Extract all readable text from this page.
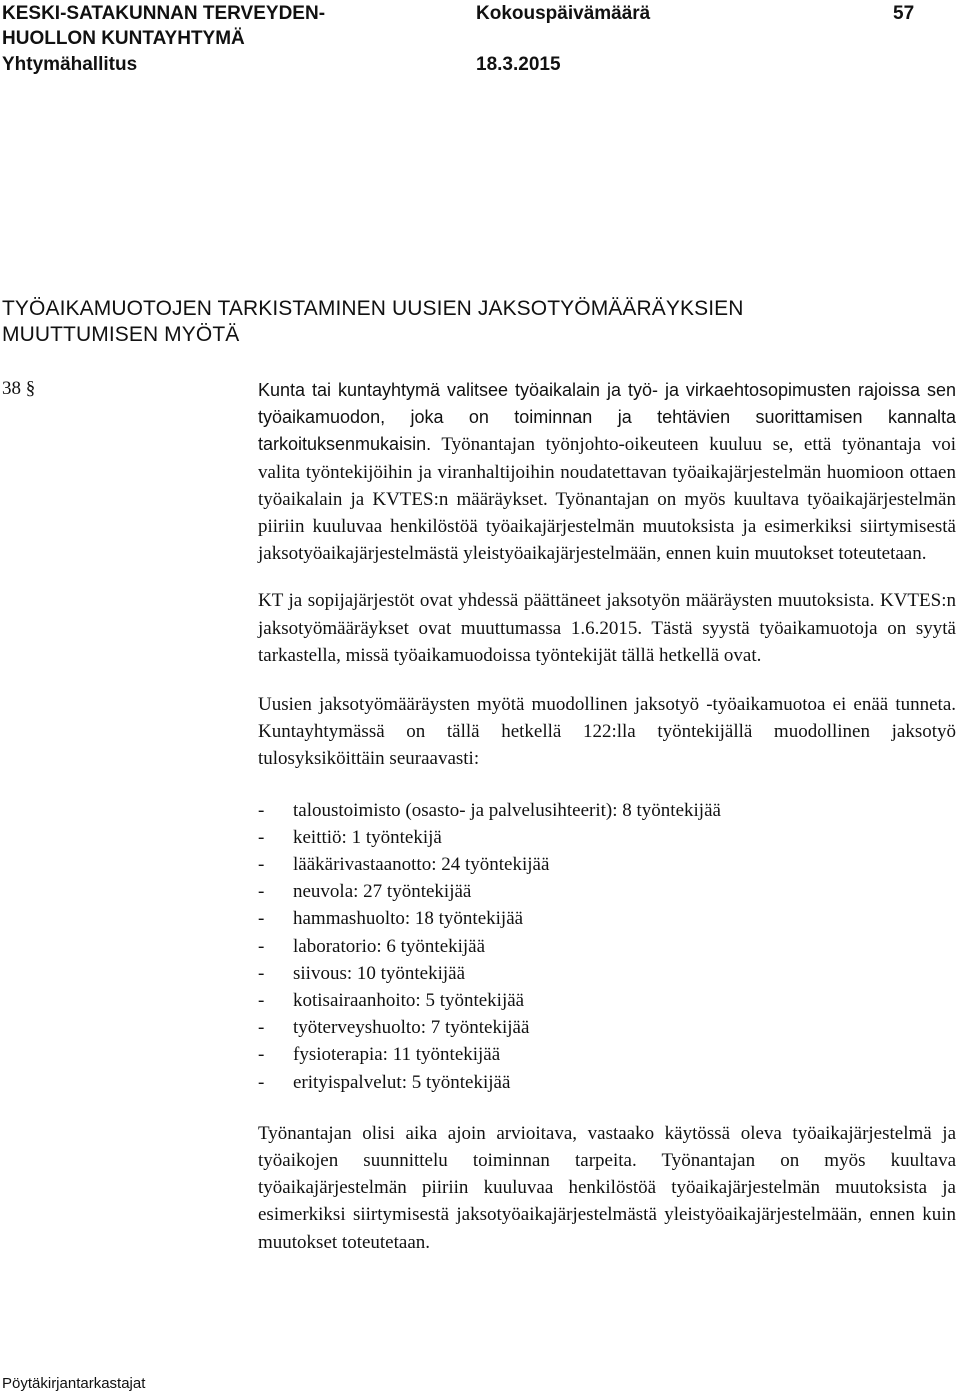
KESKI-SATAKUNNAN TERVEYDEN-
HUOLLON KUNTAYHTYMÄ
Yhtymähallitus
Kokouspäivämäärä
18.3.2015
57
TYÖAIKAMUOTOJEN TARKISTAMINEN UUSIEN JAKSOTYÖMÄÄRÄYKSIEN
MUUTTUMISEN MYÖTÄ
38 §	Kunta tai kuntayhtymä valitsee työaikalain ja työ- ja virkaehtosopimusten rajoissa sen työaikamuodon, joka on toiminnan ja tehtävien suorittamisen kannalta tarkoituksenmukaisin. Työnantajan työnjohto-oikeuteen kuuluu se, että työnantaja voi valita työntekijöihin ja viranhaltijoihin noudatettavan työaikajärjestelmän huomioon ottaen työaikalain ja KVTES:n määräykset. Työnantajan on myös kuultava työaikajärjestelmän piiriin kuuluvaa henkilöstöä työaikajärjestelmän muutoksista ja esimerkiksi siirtymisestä jaksotyöaikajärjestelmästä yleistyöaikajärjestelmään, ennen kuin muutokset toteutetaan.

KT ja sopijajärjestöt ovat yhdessä päättäneet jaksotyön määräysten muutoksista. KVTES:n jaksotyömääräykset ovat muuttumassa 1.6.2015. Tästä syystä työaikamuotoja on syytä tarkastella, missä työaikamuodoissa työntekijät tällä hetkellä ovat.

Uusien jaksotyömääräysten myötä muodollinen jaksotyö -työaikamuotoa ei enää tunneta. Kuntayhtymässä on tällä hetkellä 122:lla työntekijällä muodollinen jaksotyö tulosyksiköittäin seuraavasti:

- taloustoimisto (osasto- ja palvelusihteerit): 8 työntekijää
- keittiö: 1 työntekijä
- lääkärivastaanotto: 24 työntekijää
- neuvola: 27 työntekijää
- hammashuolto: 18 työntekijää
- laboratorio: 6 työntekijää
- siivous: 10 työntekijää
- kotisairaanhoito: 5 työntekijää
- työterveyshuolto: 7 työntekijää
- fysioterapia: 11 työntekijää
- erityispalvelut: 5 työntekijää

Työnantajan olisi aika ajoin arvioitava, vastaako käytössä oleva työaikajärjestelmä ja työaikojen suunnittelu toiminnan tarpeita. Työnantajan on myös kuultava työaikajärjestelmän piiriin kuuluvaa henkilöstöä työaikajärjestelmän muutoksista ja esimerkiksi siirtymisestä jaksotyöaikajärjestelmästä yleistyöaikajärjestelmään, ennen kuin muutokset toteutetaan.

Pöytäkirjantarkastajat
